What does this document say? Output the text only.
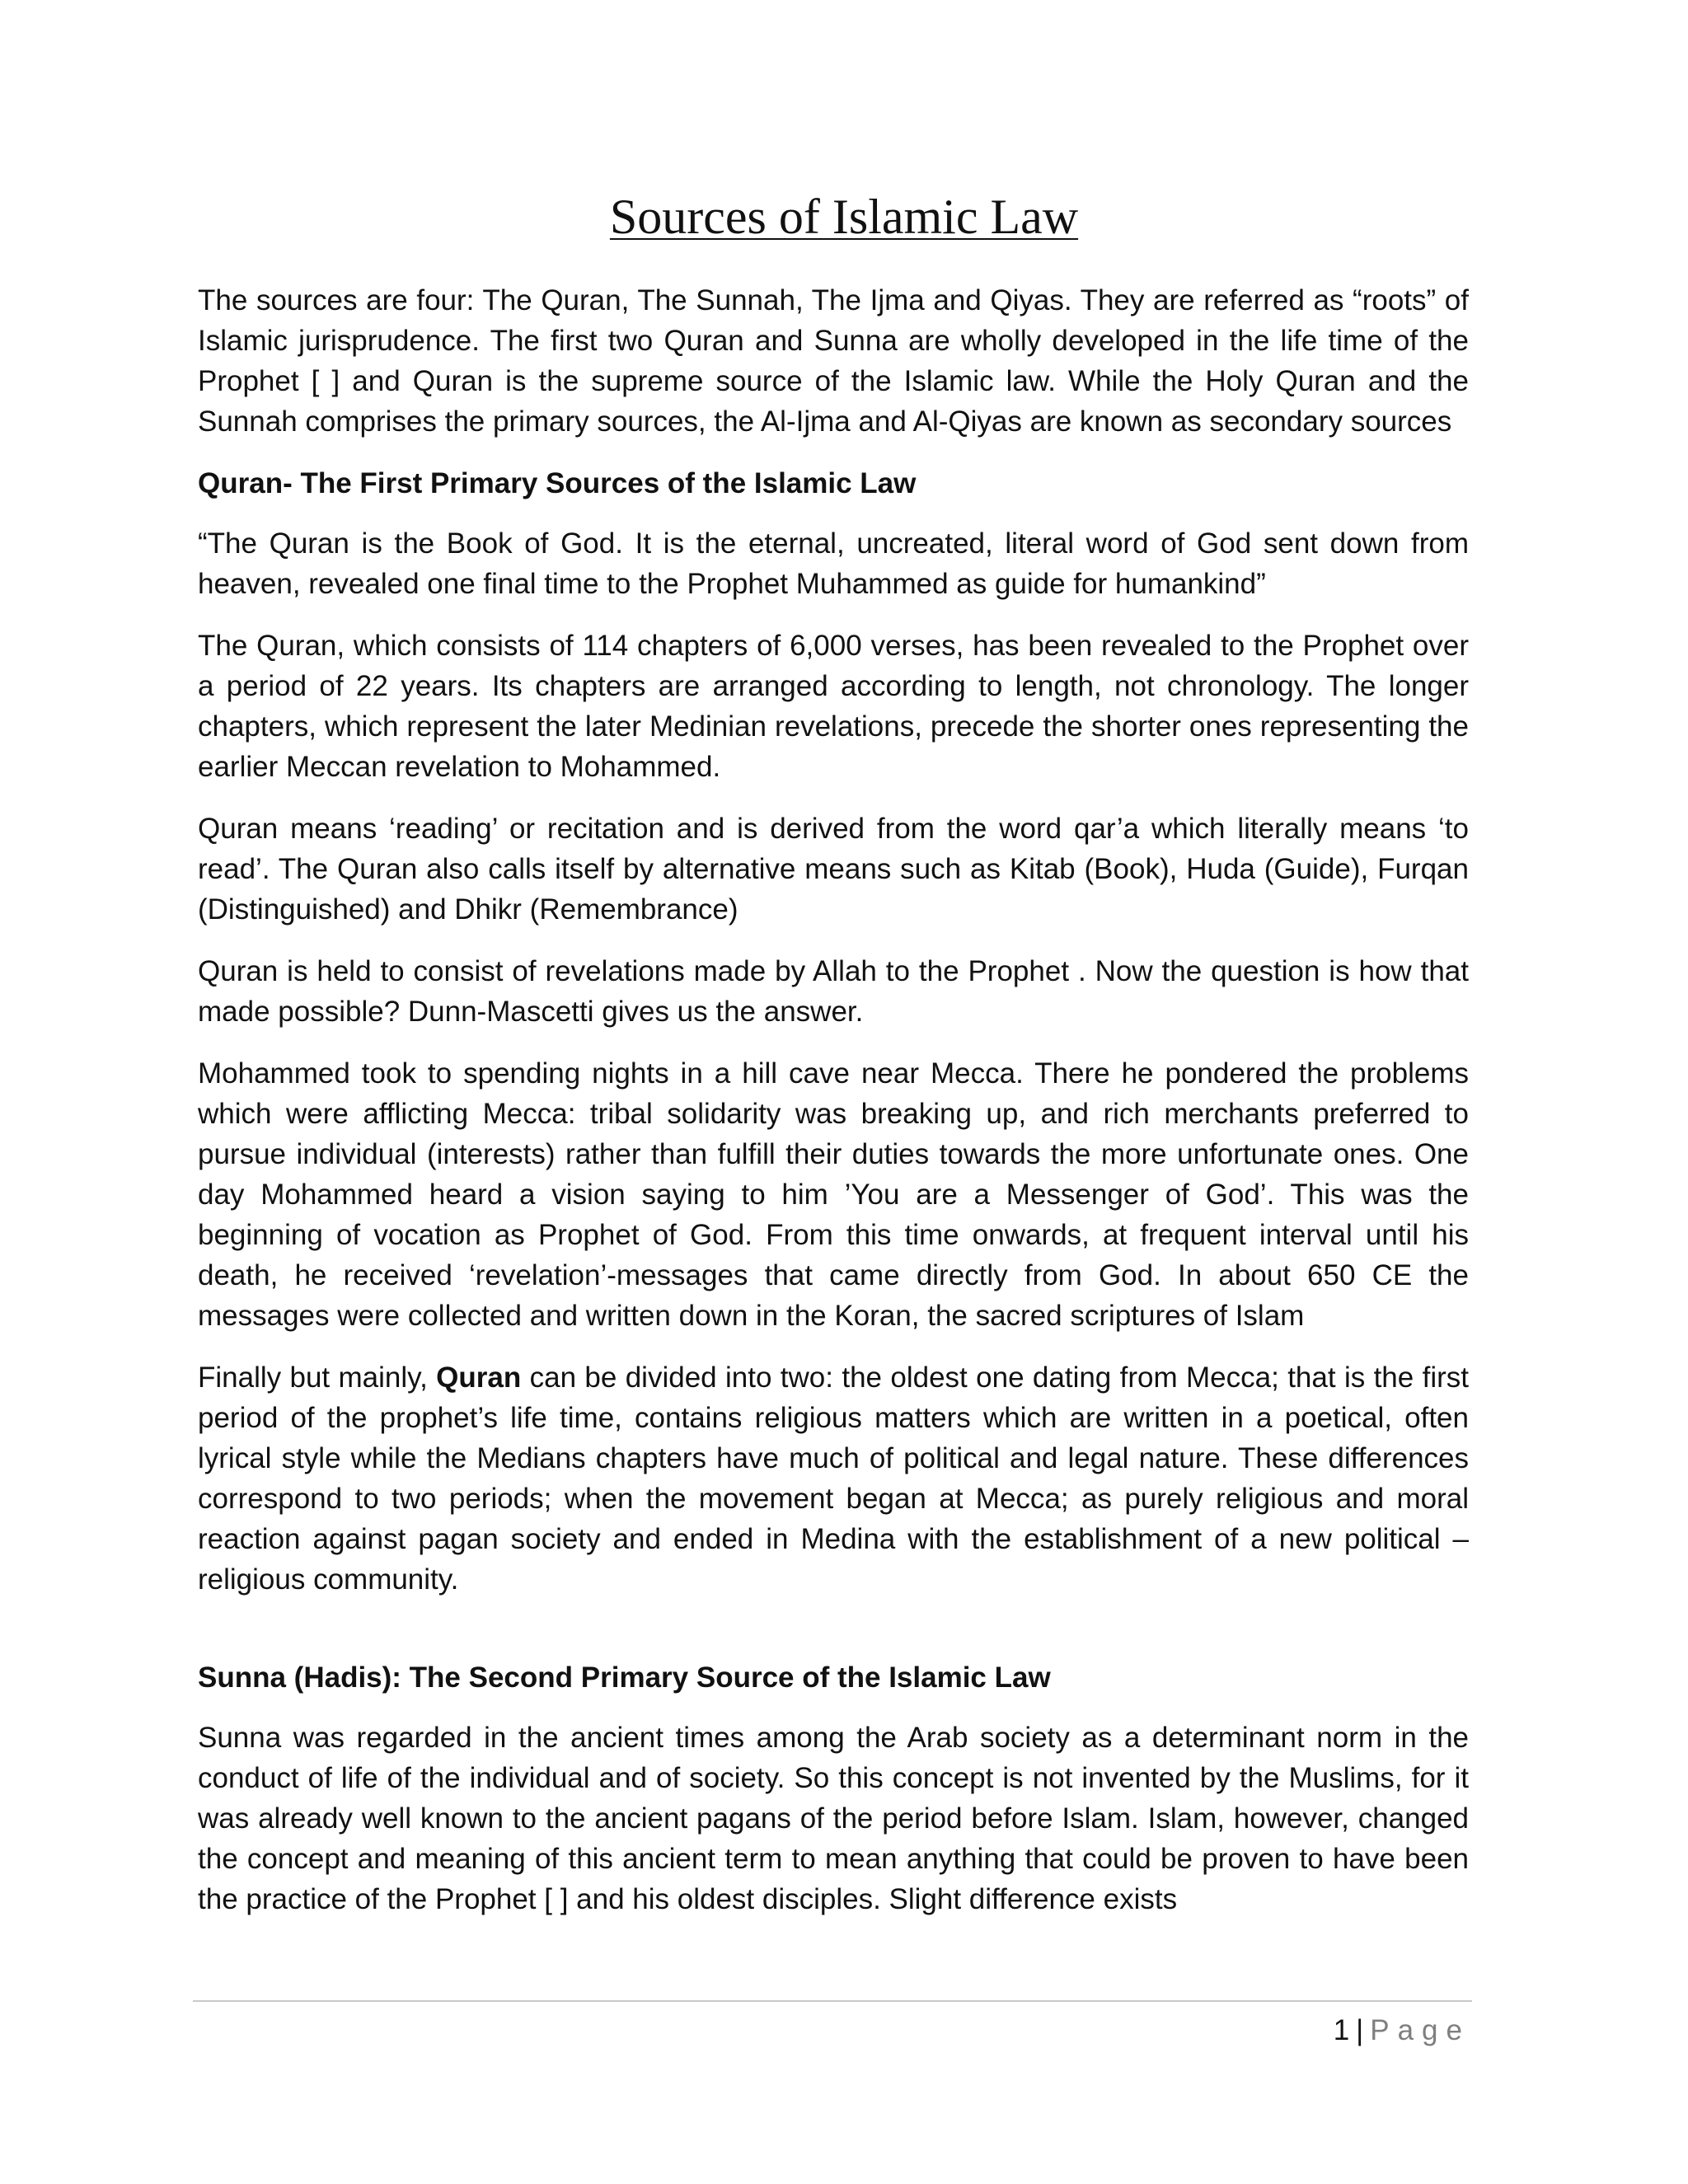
Sources of Islamic Law

The sources are four: The Quran, The Sunnah, The Ijma and Qiyas. They are referred as “roots” of Islamic jurisprudence. The first two Quran and Sunna are wholly developed in the life time of the Prophet [ ] and Quran is the supreme source of the Islamic law. While the Holy Quran and the Sunnah comprises the primary sources, the Al-Ijma and Al-Qiyas are known as secondary sources

Quran- The First Primary Sources of the Islamic Law

“The Quran is the Book of God. It is the eternal, uncreated, literal word of God sent down from heaven, revealed one final time to the Prophet Muhammed as guide for humankind”

The Quran, which consists of 114 chapters of 6,000 verses, has been revealed to the Prophet over a period of 22 years. Its chapters are arranged according to length, not chronology. The longer chapters, which represent the later Medinian revelations, precede the shorter ones representing the earlier Meccan revelation to Mohammed.

Quran means ‘reading’ or recitation and is derived from the word qar’a which literally means ‘to read’. The Quran also calls itself by alternative means such as Kitab (Book), Huda (Guide), Furqan (Distinguished) and Dhikr (Remembrance)

Quran is held to consist of revelations made by Allah to the Prophet . Now the question is how that made possible? Dunn-Mascetti gives us the answer.

Mohammed took to spending nights in a hill cave near Mecca. There he pondered the problems which were afflicting Mecca: tribal solidarity was breaking up, and rich merchants preferred to pursue individual (interests) rather than fulfill their duties towards the more unfortunate ones. One day Mohammed heard a vision saying to him ’You are a Messenger of God’. This was the beginning of vocation as Prophet of God. From this time onwards, at frequent interval until his death, he received ‘revelation’-messages that came directly from God. In about 650 CE the messages were collected and written down in the Koran, the sacred scriptures of Islam

Finally but mainly, Quran can be divided into two: the oldest one dating from Mecca; that is the first period of the prophet’s life time, contains religious matters which are written in a poetical, often lyrical style while the Medians chapters have much of political and legal nature. These differences correspond to two periods; when the movement began at Mecca; as purely religious and moral reaction against pagan society and ended in Medina with the establishment of a new political – religious community.

Sunna (Hadis): The Second Primary Source of the Islamic Law

Sunna was regarded in the ancient times among the Arab society as a determinant norm in the conduct of life of the individual and of society. So this concept is not invented by the Muslims, for it was already well known to the ancient pagans of the period before Islam. Islam, however, changed the concept and meaning of this ancient term to mean anything that could be proven to have been the practice of the Prophet [ ] and his oldest disciples. Slight difference exists

1 | Page
